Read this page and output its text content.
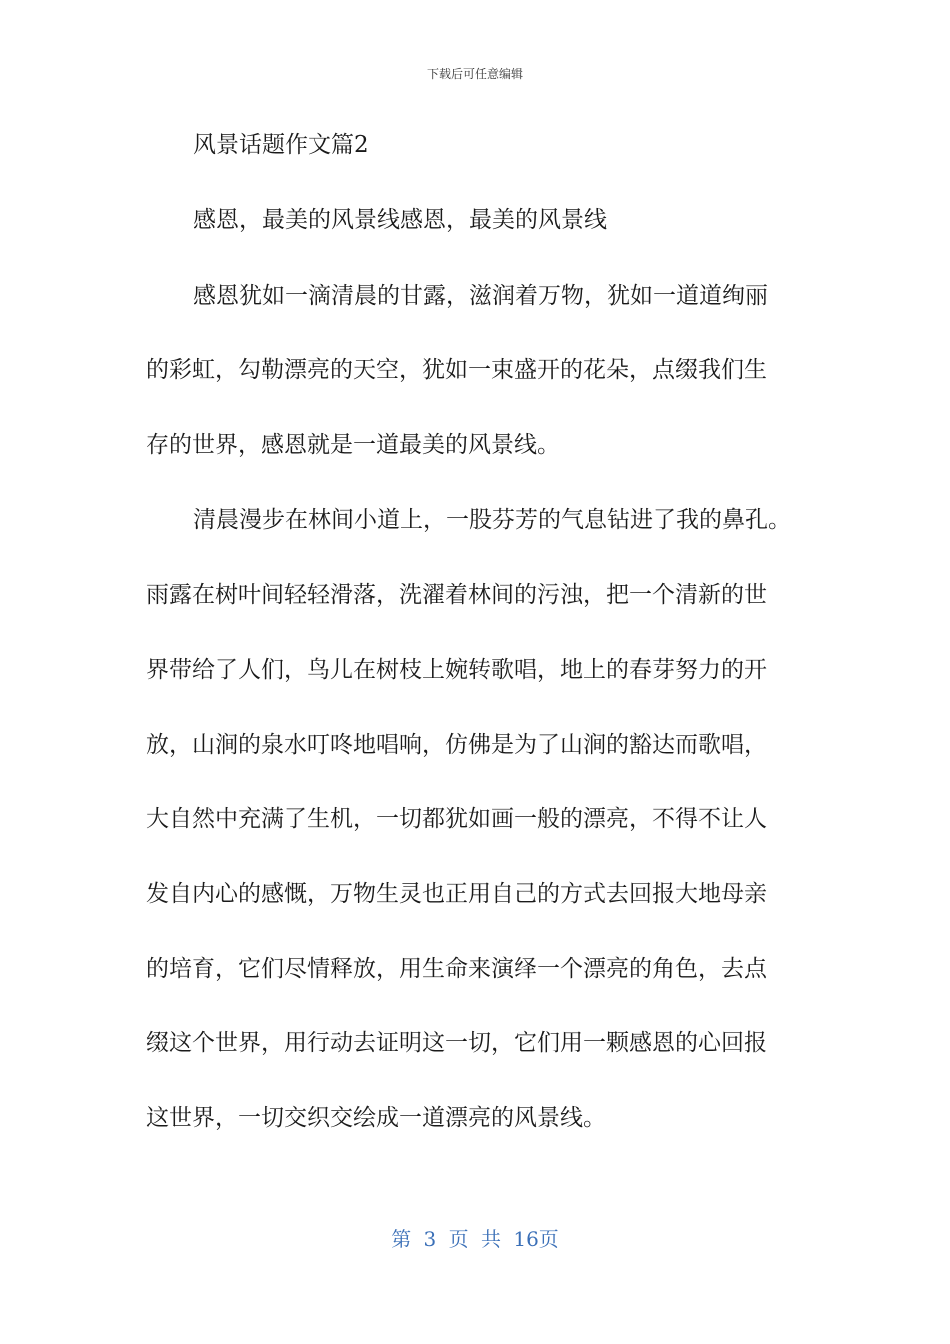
下载后可任意编辑
风景话题作文篇2
感恩，最美的风景线感恩，最美的风景线
感恩犹如一滴清晨的甘露，滋润着万物，犹如一道道绚丽
的彩虹，勾勒漂亮的天空，犹如一束盛开的花朵，点缀我们生
存的世界，感恩就是一道最美的风景线。
清晨漫步在林间小道上，一股芬芳的气息钻进了我的鼻孔。
雨露在树叶间轻轻滑落，洗濯着林间的污浊，把一个清新的世
界带给了人们，鸟儿在树枝上婉转歌唱，地上的春芽努力的开
放，山涧的泉水叮咚地唱响，仿佛是为了山涧的豁达而歌唱，
大自然中充满了生机，一切都犹如画一般的漂亮，不得不让人
发自内心的感慨，万物生灵也正用自己的方式去回报大地母亲
的培育，它们尽情释放，用生命来演绎一个漂亮的角色，去点
缀这个世界，用行动去证明这一切，它们用一颗感恩的心回报
这世界，一切交织交绘成一道漂亮的风景线。
第 3 页 共 16页
